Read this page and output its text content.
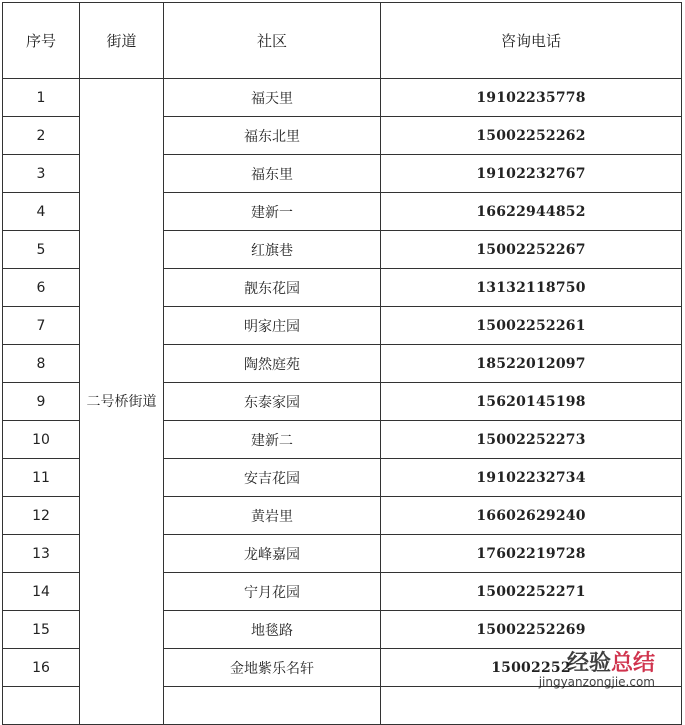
序号	街道	社区	咨询电话
1	二号桥街道	福天里	19102235778
2		福东北里	15002252262
3		福东里	19102232767
4		建新一	16622944852
5		红旗巷	15002252267
6		靓东花园	13132118750
7		明家庄园	15002252261
8		陶然庭苑	18522012097
9		东泰家园	15620145198
10		建新二	15002252273
11		安吉花园	19102232734
12		黄岩里	16602629240
13		龙峰嘉园	17602219728
14		宁月花园	15002252271
15		地毯路	15002252269
16		金地紫乐名轩	15002252

经验总结
jingyanzongjie.com
